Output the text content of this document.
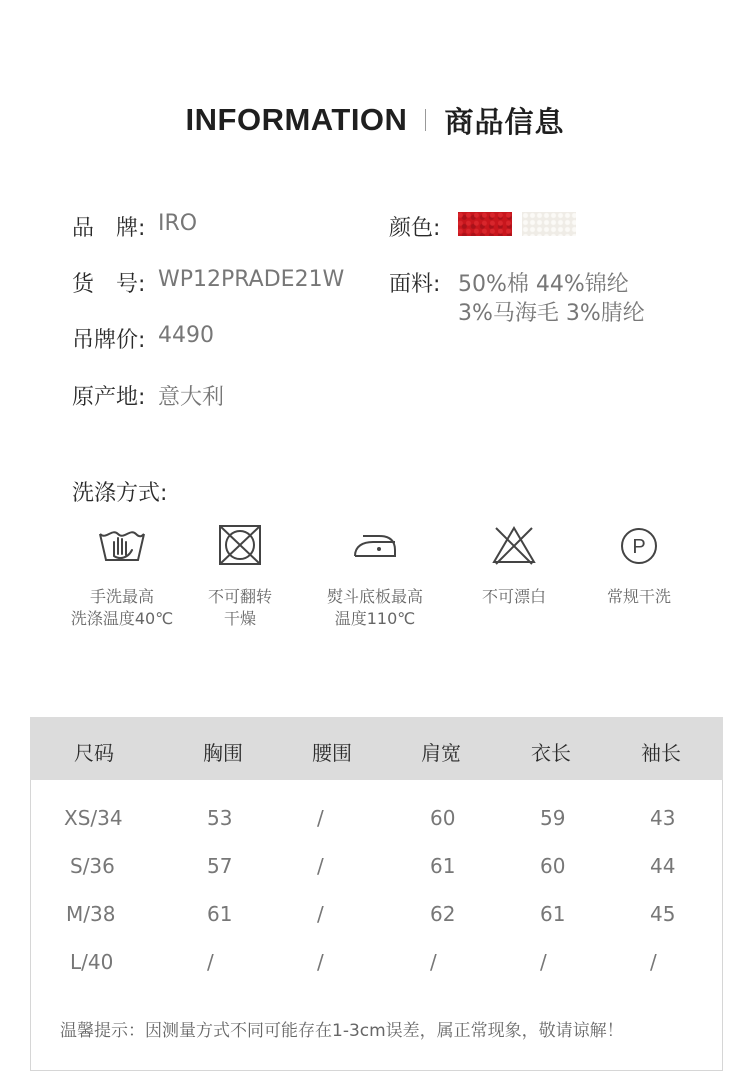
INFORMATION 商品信息
品　牌: IRO
货　号: WP12PRADE21W
吊牌价: 4490
原产地: 意大利
颜色:
面料: 50%棉 44%锦纶
3%马海毛 3%腈纶
洗涤方式:
手洗最高
洗涤温度40℃
不可翻转
干燥
熨斗底板最高
温度110℃
不可漂白
P
常规干洗
尺码	胸围	腰围	肩宽	衣长	袖长
XS/34	53	/	60	59	43
S/36	57	/	61	60	44
M/38	61	/	62	61	45
L/40	/	/	/	/	/
温馨提示：因测量方式不同可能存在1-3cm误差，属正常现象，敬请谅解！
